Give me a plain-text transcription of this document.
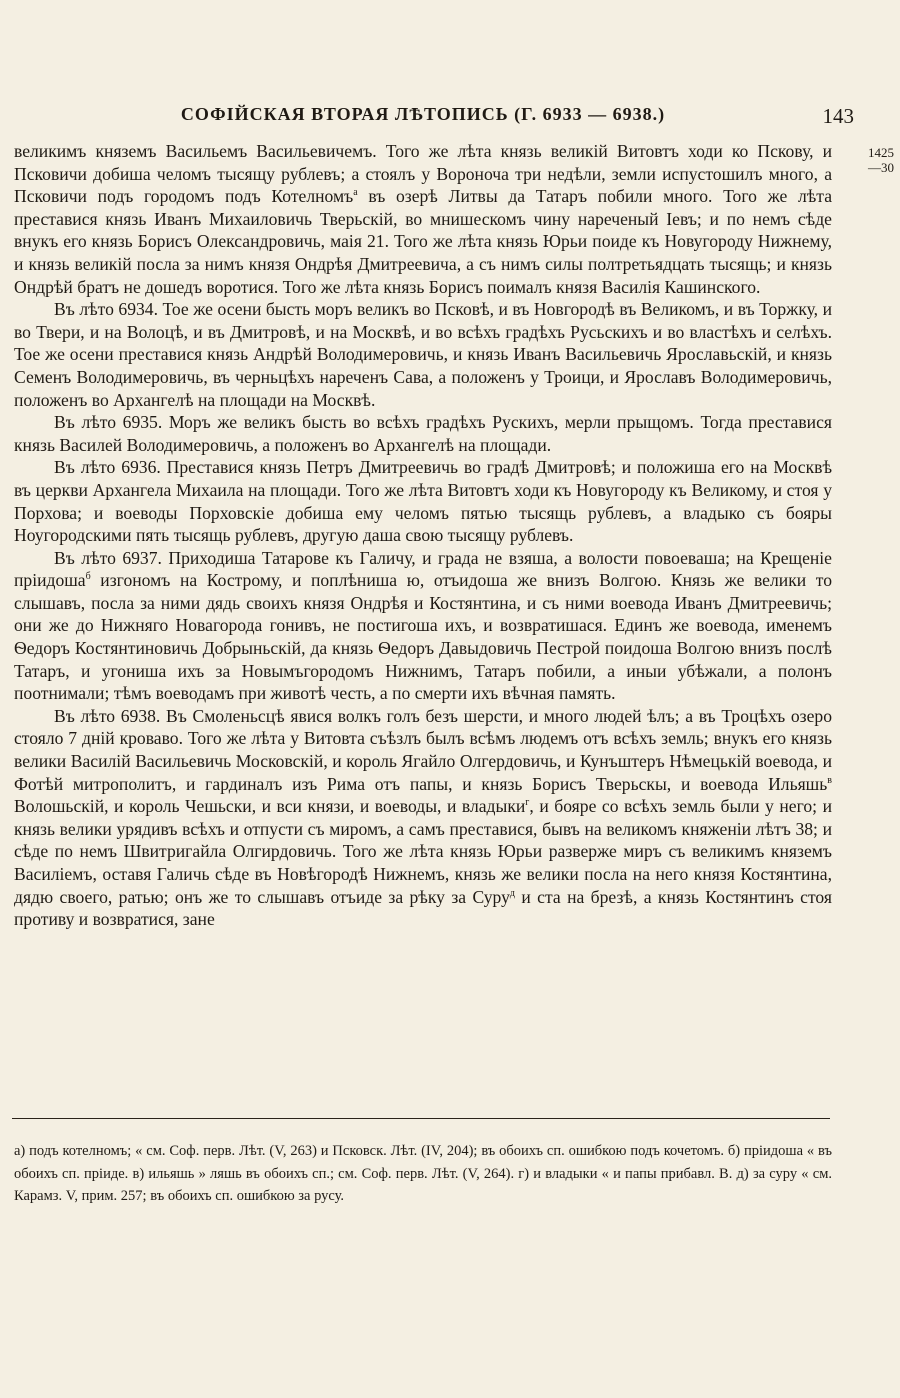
СОФІЙСКАЯ ВТОРАЯ ЛѢТОПИСЬ (Г. 6933 — 6938.)	143
1425
—30

великимъ княземъ Васильемъ Васильевичемъ. Того же лѣта князь великій Витовтъ ходи ко Пскову, и Псковичи добиша челомъ тысящу рублевъ; а стоялъ у Вороноча три недѣли, земли испустошилъ много, а Псковичи подъ городомъ подъ Котелномъ$^а$ въ озерѣ Литвы да Татаръ побили много. Того же лѣта преставися князь Иванъ Михаиловичь Тверьскій, во мнишескомъ чину нареченый Іевъ; и по немъ сѣде внукъ его князь Борисъ Олександровичь, маія 21. Того же лѣта князь Юрьи поиде къ Новугороду Нижнему, и князь великій посла за нимъ князя Ондрѣя Дмитреевича, а съ нимъ силы полтретьядцать тысящь; и князь Ондрѣй братъ не дошедъ воротися. Того же лѣта князь Борисъ поималъ князя Василія Кашинского.

Въ лѣто 6934. Тое же осени бысть моръ великъ во Псковѣ, и въ Новгородѣ въ Великомъ, и въ Торжку, и во Твери, и на Волоцѣ, и въ Дмитровѣ, и на Москвѣ, и во всѣхъ градѣхъ Русьскихъ и во властѣхъ и селѣхъ. Тое же осени преставися князь Андрѣй Володимеровичь, и князь Иванъ Васильевичь Ярославьскій, и князь Семенъ Володимеровичь, въ черньцѣхъ нареченъ Сава, а положенъ у Троици, и Ярославъ Володимеровичь, положенъ во Архангелѣ на площади на Москвѣ.

Въ лѣто 6935. Моръ же великъ бысть во всѣхъ градѣхъ Рускихъ, мерли прыщомъ. Тогда преставися князь Василей Володимеровичь, а положенъ во Архангелѣ на площади.

Въ лѣто 6936. Преставися князь Петръ Дмитреевичь во градѣ Дмитровѣ; и положиша его на Москвѣ въ церкви Архангела Михаила на площади. Того же лѣта Витовтъ ходи къ Новугороду къ Великому, и стоя у Порхова; и воеводы Порховскіе добиша ему челомъ пятью тысящь рублевъ, а владыко съ бояры Ноугородскими пять тысящь рублевъ, другую даша свою тысящу рублевъ.

Въ лѣто 6937. Приходиша Татарове къ Галичу, и града не взяша, а волости повоеваша; на Крещеніе пріидоша$^б$ изгономъ на Кострому, и поплѣниша ю, отъидоша же внизъ Волгою. Князь же велики то слышавъ, посла за ними дядь своихъ князя Ондрѣя и Костянтина, и съ ними воевода Иванъ Дмитреевичь; они же до Нижняго Новагорода гонивъ, не постигоша ихъ, и возвратишася. Единъ же воевода, именемъ Ѳедоръ Костянтиновичь Добрыньскій, да князь Ѳедоръ Давыдовичь Пестрой поидоша Волгою внизъ послѣ Татаръ, и угониша ихъ за Новымъгородомъ Нижнимъ, Татаръ побили, а иныи убѣжали, а полонъ поотнимали; тѣмъ воеводамъ при животѣ честь, а по смерти ихъ вѣчная память.

Въ лѣто 6938. Въ Смоленьсцѣ явися волкъ голъ безъ шерсти, и много людей ѣлъ; а въ Троцѣхъ озеро стояло 7 днiй кроваво. Того же лѣта у Витовта съѣзлъ былъ всѣмъ людемъ отъ всѣхъ земль; внукъ его князь велики Василій Васильевичь Московскій, и король Ягайло Олгердовичь, и Кунъштеръ Нѣмецькій воевода, и Фотѣй митрополитъ, и гардиналъ изъ Рима отъ папы, и князь Борисъ Тверьскы, и воевода Ильяшь$^в$ Волошьскій, и король Чешьски, и вси князи, и воеводы, и владыки$^г$, и бояре со всѣхъ земль были у него; и князь велики урядивъ всѣхъ и отпусти съ миромъ, а самъ преставися, бывъ на великомъ княженіи лѣтъ 38; и сѣде по немъ Швитригайла Олгирдовичь. Того же лѣта князь Юрьи разверже миръ съ великимъ княземъ Василіемъ, оставя Галичь сѣде въ Новѣгородѣ Нижнемъ, князь же велики посла на него князя Костянтина, дядю своего, ратью; онъ же то слышавъ отъиде за рѣку за Суру$^д$ и ста на брезѣ, а князь Костянтинъ стоя противу и возвратися, зане

а) подъ котелномъ; « см. Соф. перв. Лѣт. (V, 263) и Псковск. Лѣт. (IV, 204); въ обоихъ сп. ошибкою подъ кочетомъ. б) пріидоша « въ обоихъ сп. пріиде. в) ильяшь » ляшь въ обоихъ сп.; см. Соф. перв. Лѣт. (V, 264). г) и владыки « и папы прибавл. В. д) за суру « см. Карамз. V, прим. 257; въ обоихъ сп. ошибкою за русу.
